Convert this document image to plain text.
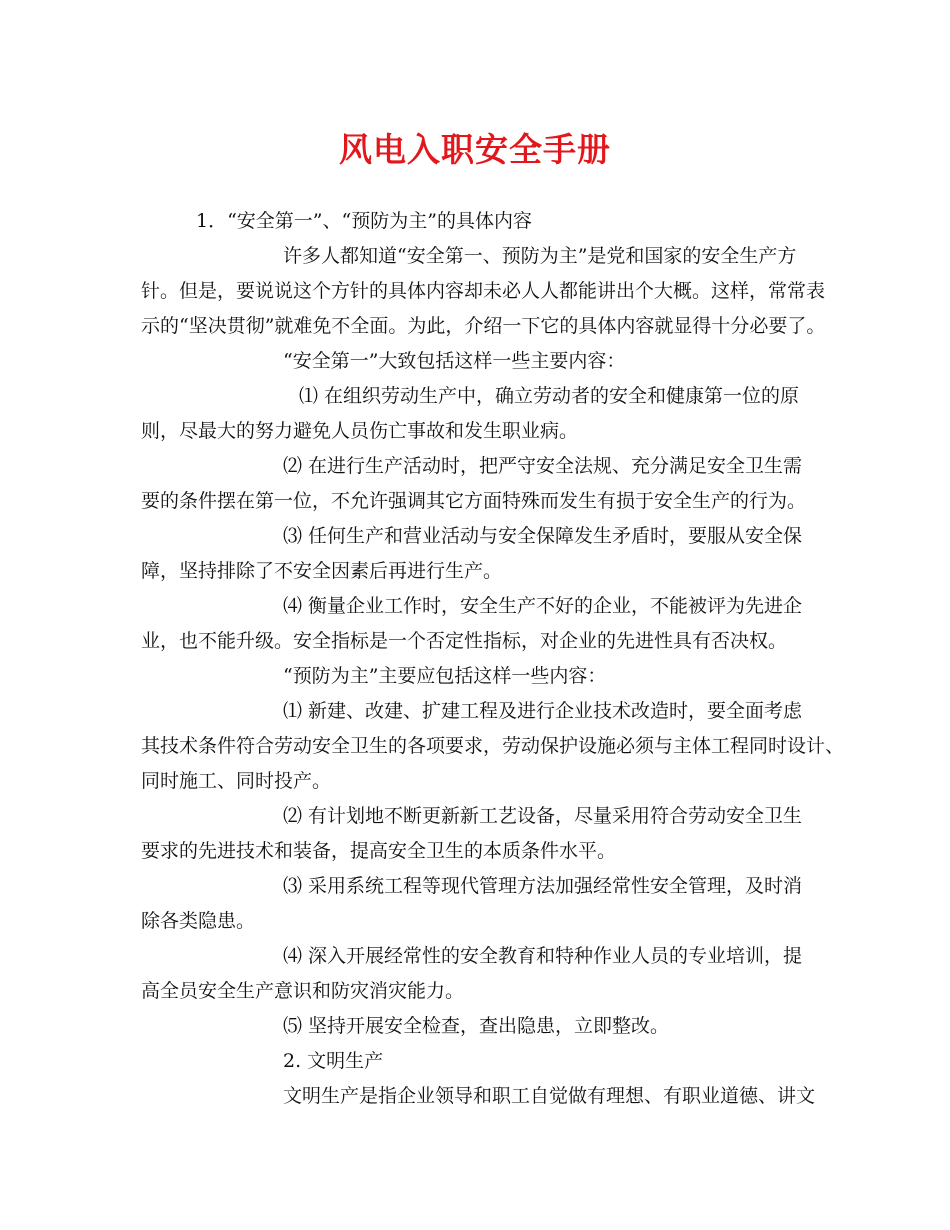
风电入职安全手册

1．“安全第一”、“预防为主”的具体内容

许多人都知道“安全第一、预防为主”是党和国家的安全生产方

针。但是，要说说这个方针的具体内容却未必人人都能讲出个大概。这样，常常表

示的“坚决贯彻”就难免不全面。为此，介绍一下它的具体内容就显得十分必要了。

“安全第一”大致包括这样一些主要内容：

⑴ 在组织劳动生产中，确立劳动者的安全和健康第一位的原

则，尽最大的努力避免人员伤亡事故和发生职业病。

⑵ 在进行生产活动时，把严守安全法规、充分满足安全卫生需

要的条件摆在第一位，不允许强调其它方面特殊而发生有损于安全生产的行为。

⑶ 任何生产和营业活动与安全保障发生矛盾时，要服从安全保

障，坚持排除了不安全因素后再进行生产。

⑷ 衡量企业工作时，安全生产不好的企业，不能被评为先进企

业，也不能升级。安全指标是一个否定性指标，对企业的先进性具有否决权。

“预防为主”主要应包括这样一些内容：

⑴ 新建、改建、扩建工程及进行企业技术改造时，要全面考虑

其技术条件符合劳动安全卫生的各项要求，劳动保护设施必须与主体工程同时设计、

同时施工、同时投产。

⑵ 有计划地不断更新新工艺设备，尽量采用符合劳动安全卫生

要求的先进技术和装备，提高安全卫生的本质条件水平。

⑶ 采用系统工程等现代管理方法加强经常性安全管理，及时消

除各类隐患。

⑷ 深入开展经常性的安全教育和特种作业人员的专业培训，提

高全员安全生产意识和防灾消灾能力。

⑸ 坚持开展安全检查，查出隐患，立即整改。

2. 文明生产

文明生产是指企业领导和职工自觉做有理想、有职业道德、讲文
